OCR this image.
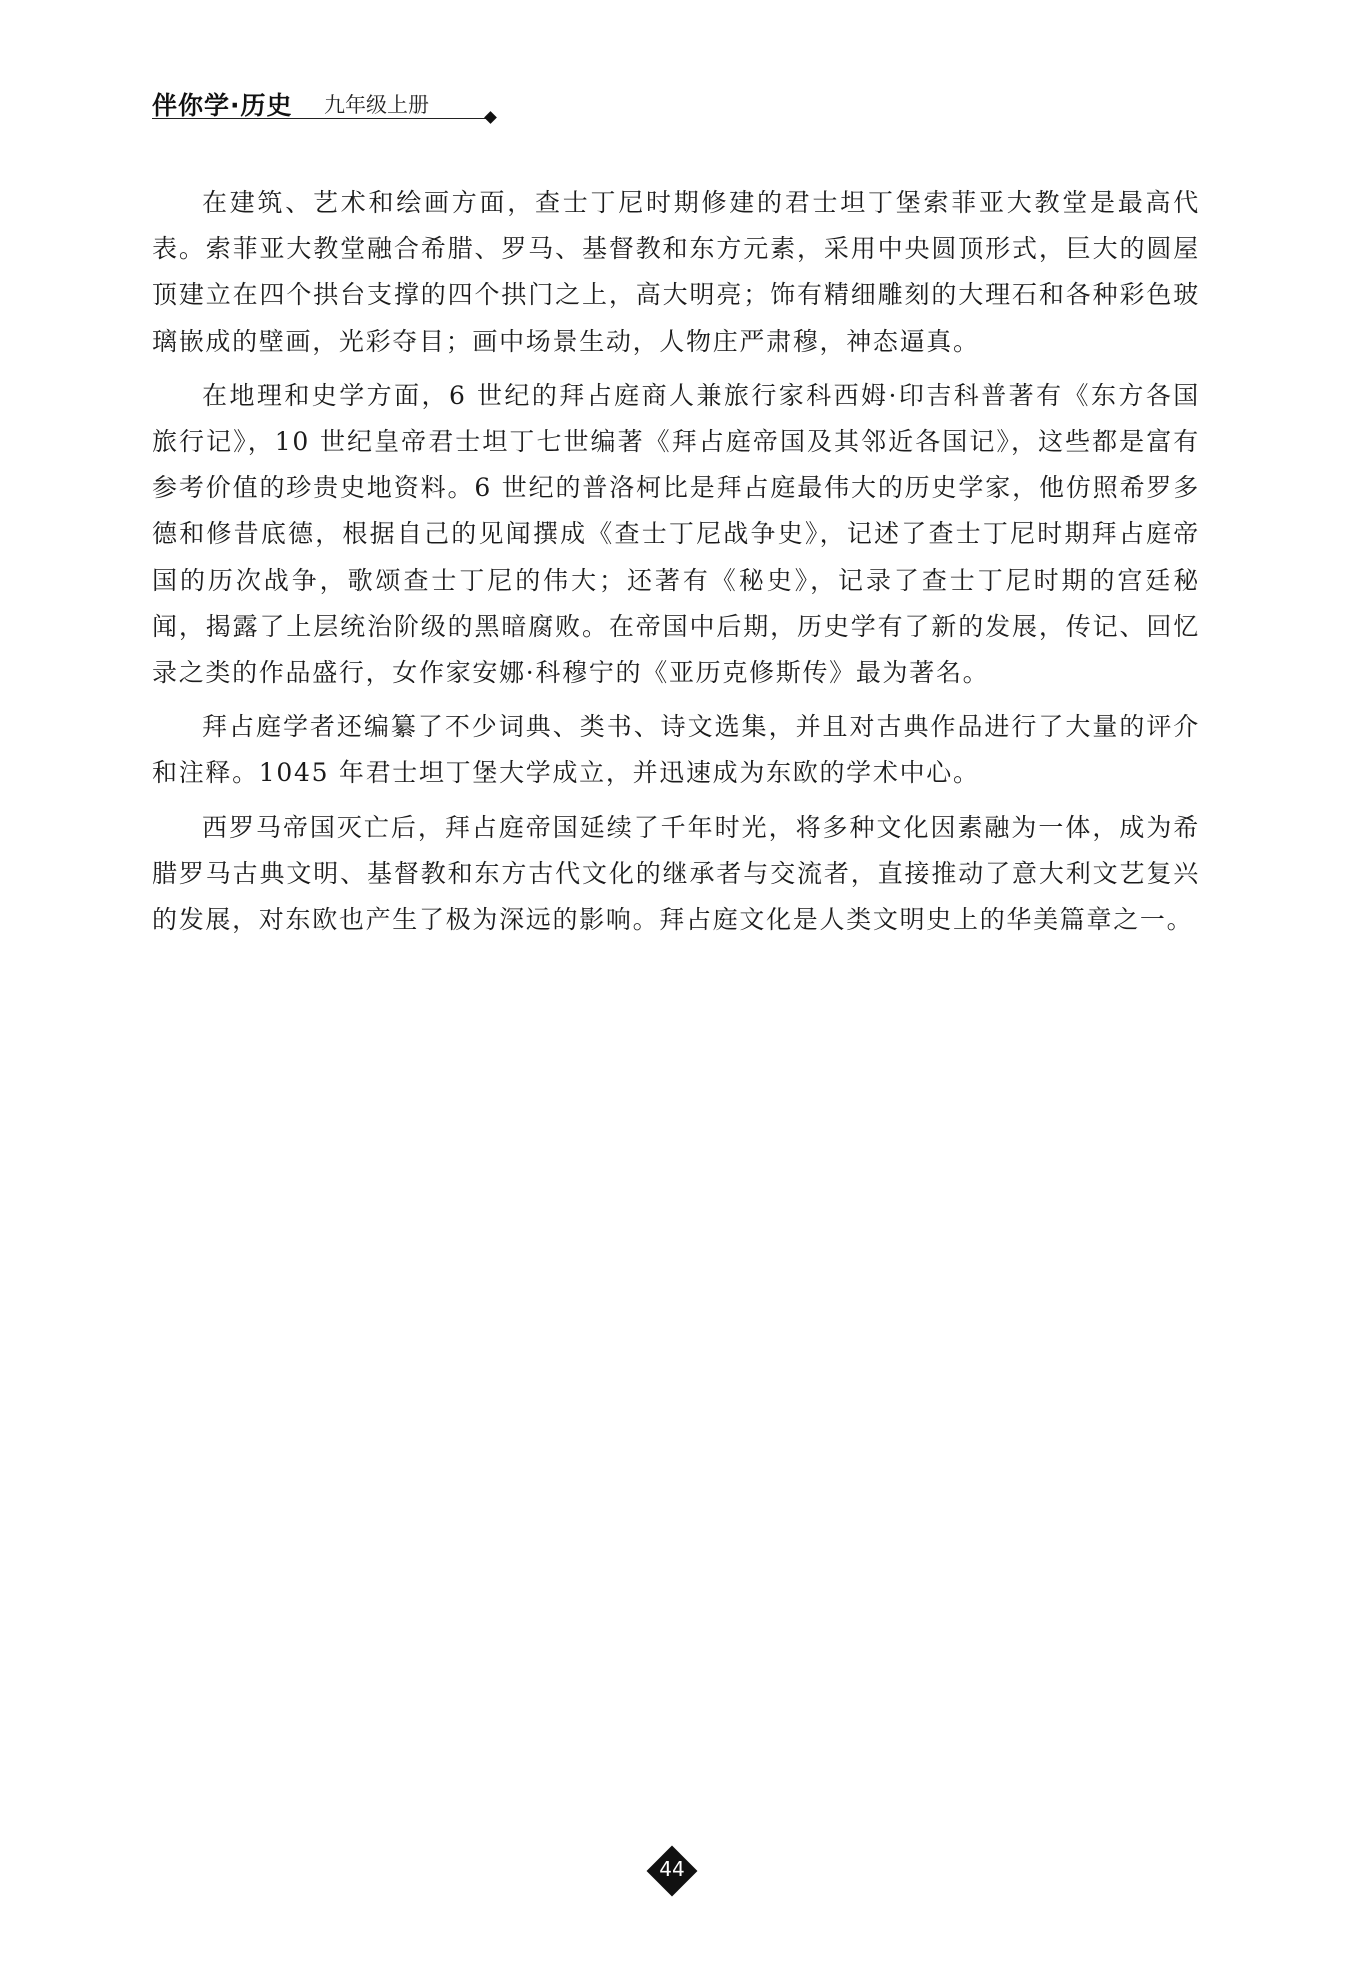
伴你学·历史 九年级上册

在建筑、艺术和绘画方面，查士丁尼时期修建的君士坦丁堡索菲亚大教堂是最高代表。索菲亚大教堂融合希腊、罗马、基督教和东方元素，采用中央圆顶形式，巨大的圆屋顶建立在四个拱台支撑的四个拱门之上，高大明亮；饰有精细雕刻的大理石和各种彩色玻璃嵌成的壁画，光彩夺目；画中场景生动，人物庄严肃穆，神态逼真。

在地理和史学方面，6 世纪的拜占庭商人兼旅行家科西姆·印吉科普著有《东方各国旅行记》，10 世纪皇帝君士坦丁七世编著《拜占庭帝国及其邻近各国记》，这些都是富有参考价值的珍贵史地资料。6 世纪的普洛柯比是拜占庭最伟大的历史学家，他仿照希罗多德和修昔底德，根据自己的见闻撰成《查士丁尼战争史》，记述了查士丁尼时期拜占庭帝国的历次战争，歌颂查士丁尼的伟大；还著有《秘史》，记录了查士丁尼时期的宫廷秘闻，揭露了上层统治阶级的黑暗腐败。在帝国中后期，历史学有了新的发展，传记、回忆录之类的作品盛行，女作家安娜·科穆宁的《亚历克修斯传》最为著名。

拜占庭学者还编纂了不少词典、类书、诗文选集，并且对古典作品进行了大量的评介和注释。1045 年君士坦丁堡大学成立，并迅速成为东欧的学术中心。

西罗马帝国灭亡后，拜占庭帝国延续了千年时光，将多种文化因素融为一体，成为希腊罗马古典文明、基督教和东方古代文化的继承者与交流者，直接推动了意大利文艺复兴的发展，对东欧也产生了极为深远的影响。拜占庭文化是人类文明史上的华美篇章之一。

44
